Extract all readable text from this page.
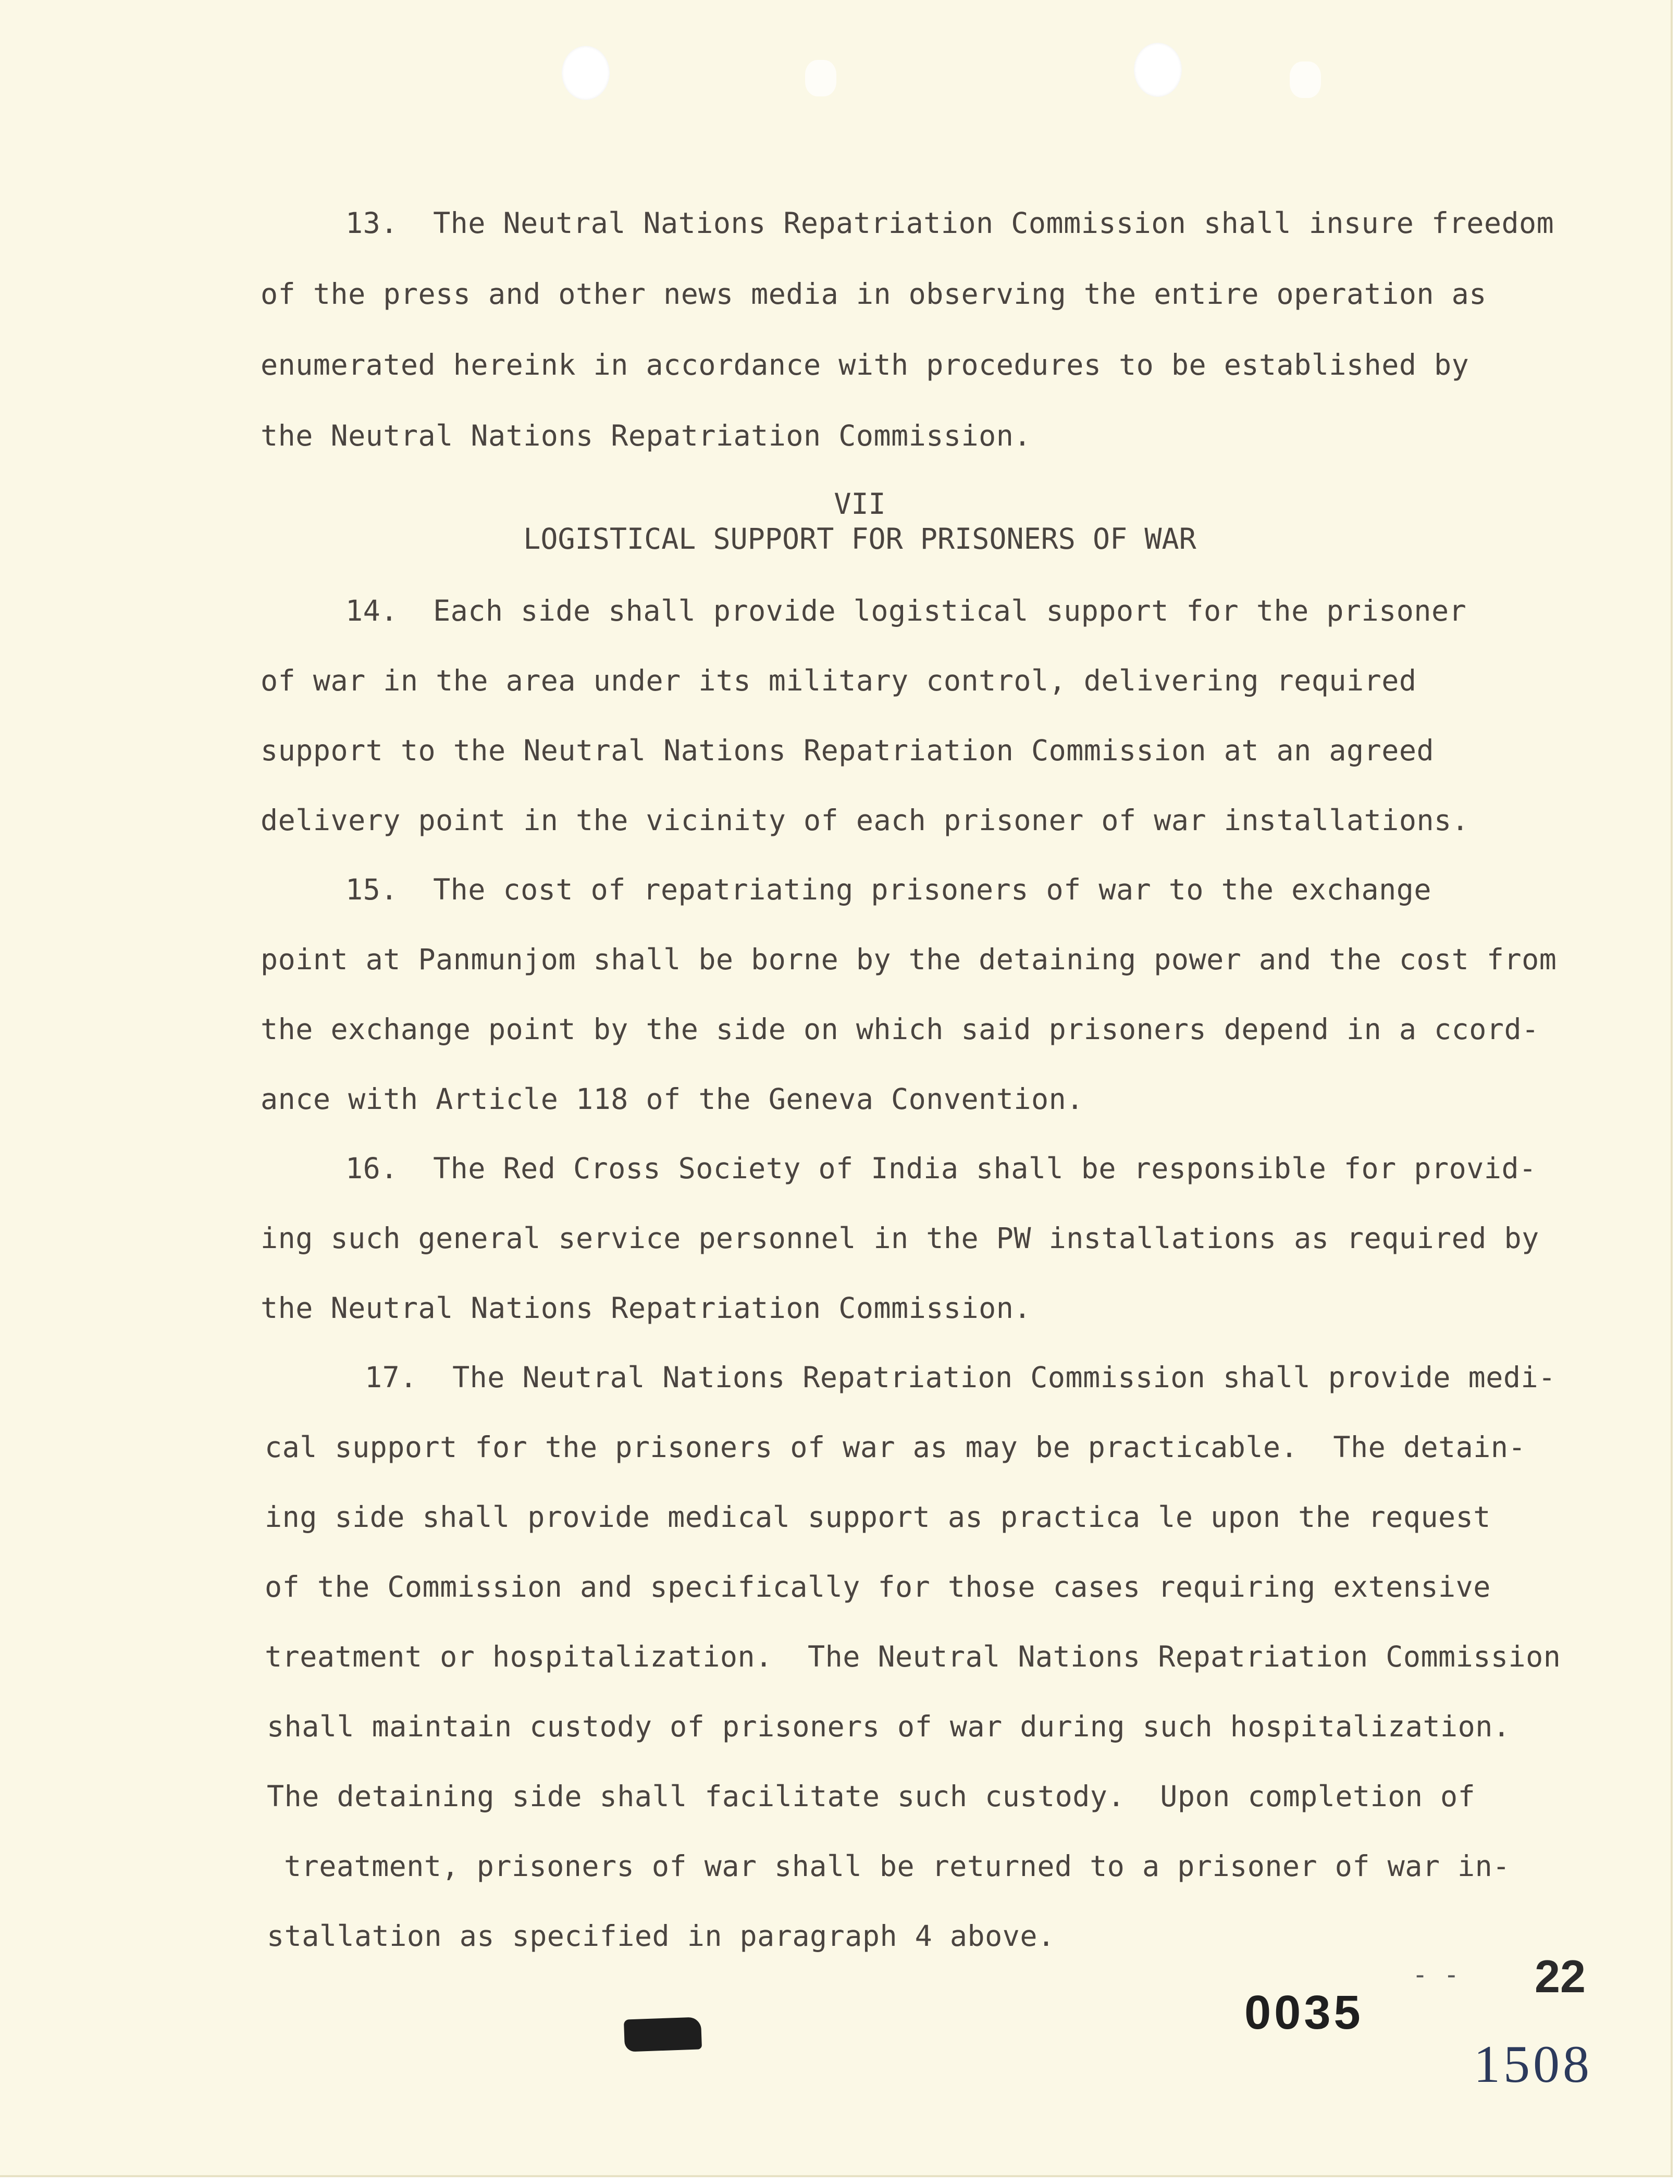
13.  The Neutral Nations Repatriation Commission shall insure freedom
of the press and other news media in observing the entire operation as
enumerated hereink in accordance with procedures to be established by
the Neutral Nations Repatriation Commission.
VII
LOGISTICAL SUPPORT FOR PRISONERS OF WAR
14.  Each side shall provide logistical support for the prisoner
of war in the area under its military control, delivering required
support to the Neutral Nations Repatriation Commission at an agreed
delivery point in the vicinity of each prisoner of war installations.
15.  The cost of repatriating prisoners of war to the exchange
point at Panmunjom shall be borne by the detaining power and the cost from
the exchange point by the side on which said prisoners depend in a ccord-
ance with Article 118 of the Geneva Convention.
16.  The Red Cross Society of India shall be responsible for provid-
ing such general service personnel in the PW installations as required by
the Neutral Nations Repatriation Commission.
17.  The Neutral Nations Repatriation Commission shall provide medi-
cal support for the prisoners of war as may be practicable.  The detain-
ing side shall provide medical support as practica le upon the request
of the Commission and specifically for those cases requiring extensive
treatment or hospitalization.  The Neutral Nations Repatriation Commission
shall maintain custody of prisoners of war during such hospitalization.
The detaining side shall facilitate such custody.  Upon completion of
treatment, prisoners of war shall be returned to a prisoner of war in-
stallation as specified in paragraph 4 above.
- - 22
0035
1508
